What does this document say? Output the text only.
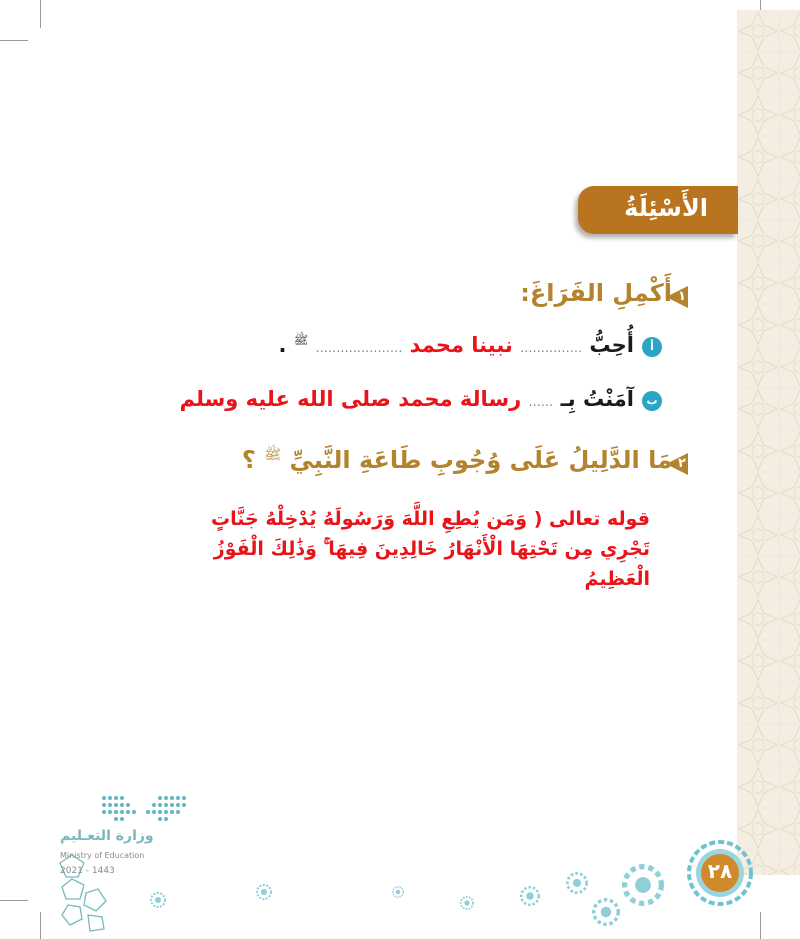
الأَسْئِلَةُ
١
أَكْمِلِ الفَرَاغَ:
أ
أُحِبُّ ............... نبينا محمد ..................... $^ﷺ$ .
ب
آمَنْتُ بِـ ...... رسالة محمد صلى الله عليه وسلم
٢
مَا الدَّلِيلُ عَلَى وُجُوبِ طَاعَةِ النَّبِيِّ $^ﷺ$ ؟
قوله تعالى ( وَمَن يُطِعِ اللَّهَ وَرَسُولَهُ يُدْخِلْهُ جَنَّاتٍ تَجْرِي مِن تَحْتِهَا الْأَنْهَارُ خَالِدِينَ فِيهَا ۚ وَذَٰلِكَ الْفَوْزُ الْعَظِيمُ
وزارة التعـليم
Ministry of Education
2021 - 1443	٢٨
